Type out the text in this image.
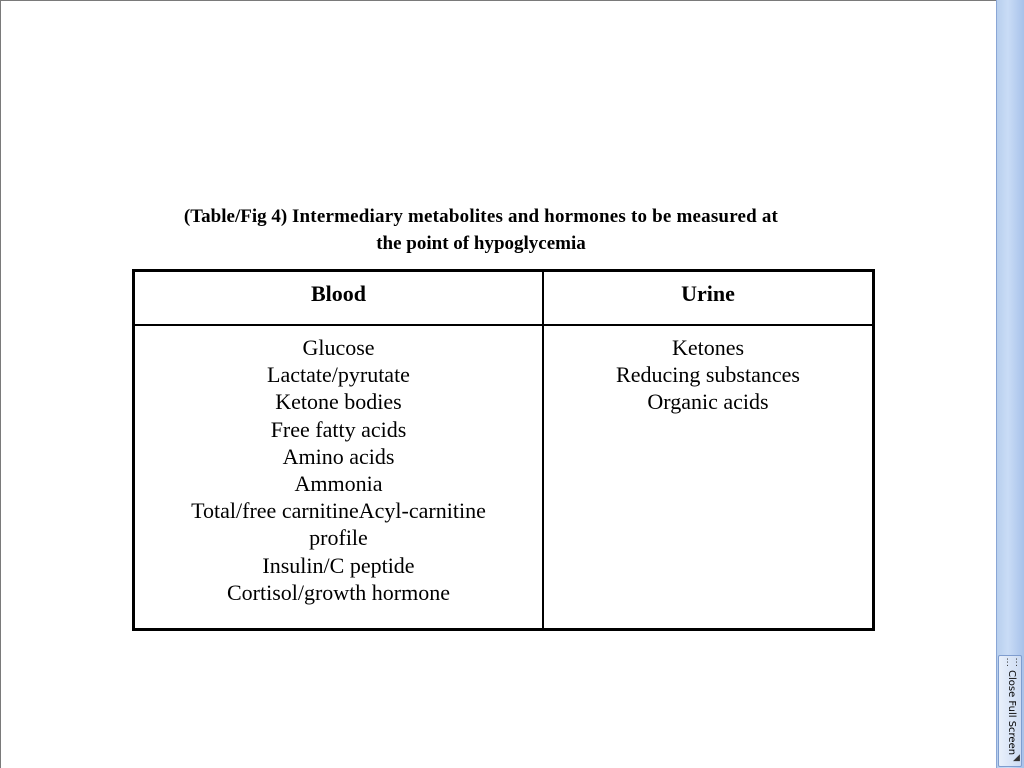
(Table/Fig 4) Intermediary metabolites and hormones to be measured at
the point of hypoglycemia
Blood	Urine
Glucose
Lactate/pyrutate
Ketone bodies
Free fatty acids
Amino acids
Ammonia
Total/free carnitineAcyl-carnitine
profile
Insulin/C peptide
Cortisol/growth hormone
Ketones
Reducing substances
Organic acids
⋮⋮
Close Full Screen
◢
